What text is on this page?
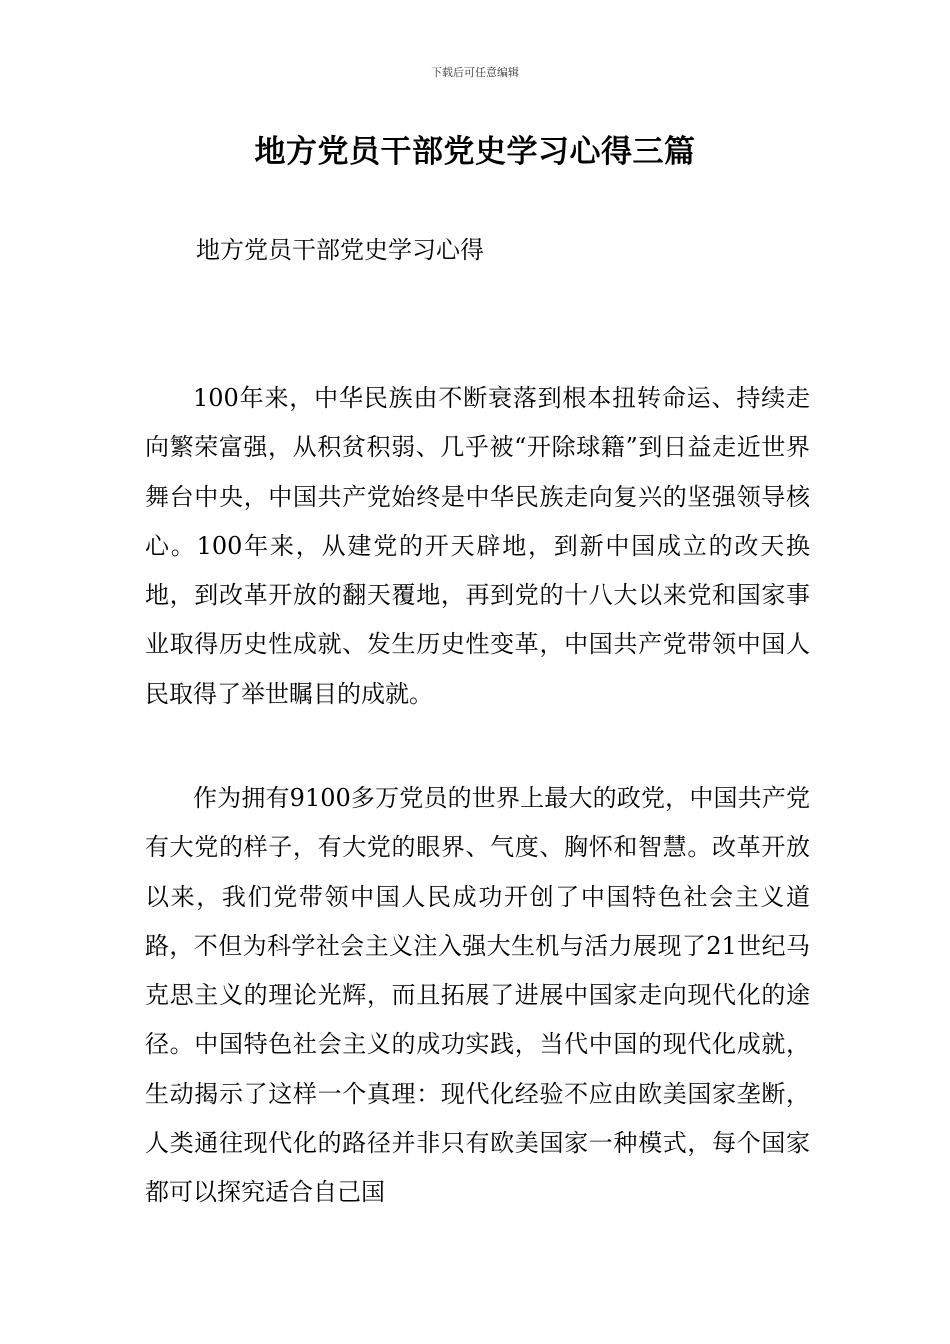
下载后可任意编辑
地方党员干部党史学习心得三篇
地方党员干部党史学习心得

100年来，中华民族由不断衰落到根本扭转命运、持续走向繁荣富强，从积贫积弱、几乎被“开除球籍”到日益走近世界舞台中央，中国共产党始终是中华民族走向复兴的坚强领导核心。100年来，从建党的开天辟地，到新中国成立的改天换地，到改革开放的翻天覆地，再到党的十八大以来党和国家事业取得历史性成就、发生历史性变革，中国共产党带领中国人民取得了举世瞩目的成就。

作为拥有9100多万党员的世界上最大的政党，中国共产党有大党的样子，有大党的眼界、气度、胸怀和智慧。改革开放以来，我们党带领中国人民成功开创了中国特色社会主义道路，不但为科学社会主义注入强大生机与活力展现了21世纪马克思主义的理论光辉，而且拓展了进展中国家走向现代化的途径。中国特色社会主义的成功实践，当代中国的现代化成就，生动揭示了这样一个真理：现代化经验不应由欧美国家垄断，人类通往现代化的路径并非只有欧美国家一种模式，每个国家都可以探究适合自己国
